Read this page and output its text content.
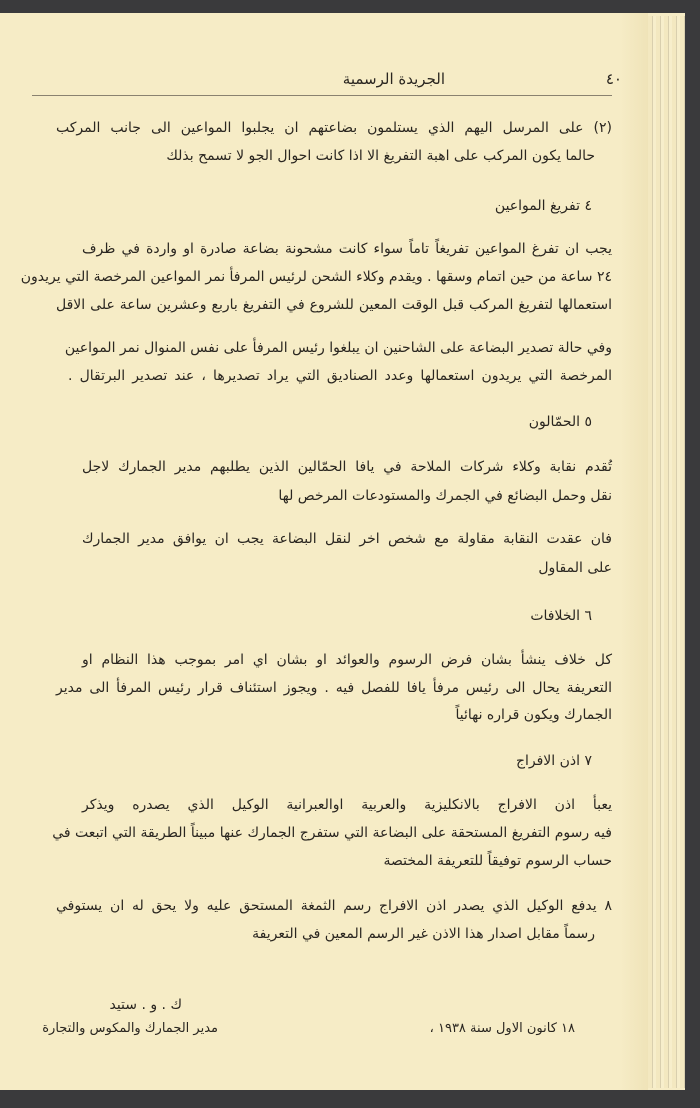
٤٠
الجريدة الرسمية
(٢) على المرسل اليهم الذي يستلمون بضاعتهم ان يجلبوا المواعين الى جانب المركب
حالما يكون المركب على اهبة التفريغ الا اذا كانت احوال الجو لا تسمح بذلك
٤ تفريغ المواعين
يجب ان تفرغ المواعين تفريغاً تاماً سواء كانت مشحونة بضاعة صادرة او واردة في ظرف
٢٤ ساعة من حين اتمام وسقها . ويقدم وكلاء الشحن لرئيس المرفأ نمر المواعين المرخصة التي يريدون
استعمالها لتفريغ المركب قبل الوقت المعين للشروع في التفريغ باربع وعشرين ساعة على الاقل
وفي حالة تصدير البضاعة على الشاحنين ان يبلغوا رئيس المرفأ على نفس المنوال نمر المواعين
المرخصة التي يريدون استعمالها وعدد الصناديق التي يراد تصديرها ، عند تصدير البرتقال .
٥ الحمّالون
تُقدم نقابة وكلاء شركات الملاحة في يافا الحمّالين الذين يطلبهم مدير الجمارك لاجل
نقل وحمل البضائع في الجمرك والمستودعات المرخص لها
فان عقدت النقابة مقاولة مع شخص اخر لنقل البضاعة يجب ان يوافق مدير الجمارك
على المقاول
٦ الخلافات
كل خلاف ينشأ بشان فرض الرسوم والعوائد او بشان اي امر بموجب هذا النظام او
التعريفة يحال الى رئيس مرفأ يافا للفصل فيه . ويجوز استئناف قرار رئيس المرفأ الى مدير
الجمارك ويكون قراره نهائياً
٧ اذن الافراج
يعبأ اذن الافراج بالانكليزية والعربية اوالعبرانية الوكيل الذي يصدره ويذكر
فيه رسوم التفريغ المستحقة على البضاعة التي ستفرج الجمارك عنها مبيناً الطريقة التي اتبعت في
حساب الرسوم توفيقاً للتعريفة المختصة
٨ يدفع الوكيل الذي يصدر اذن الافراج رسم الثمغة المستحق عليه ولا يحق له ان يستوفي
رسماً مقابل اصدار هذا الاذن غير الرسم المعين في التعريفة
ك . و . ستيد
مدير الجمارك والمكوس والتجارة	١٨ كانون الاول سنة ١٩٣٨ ،
